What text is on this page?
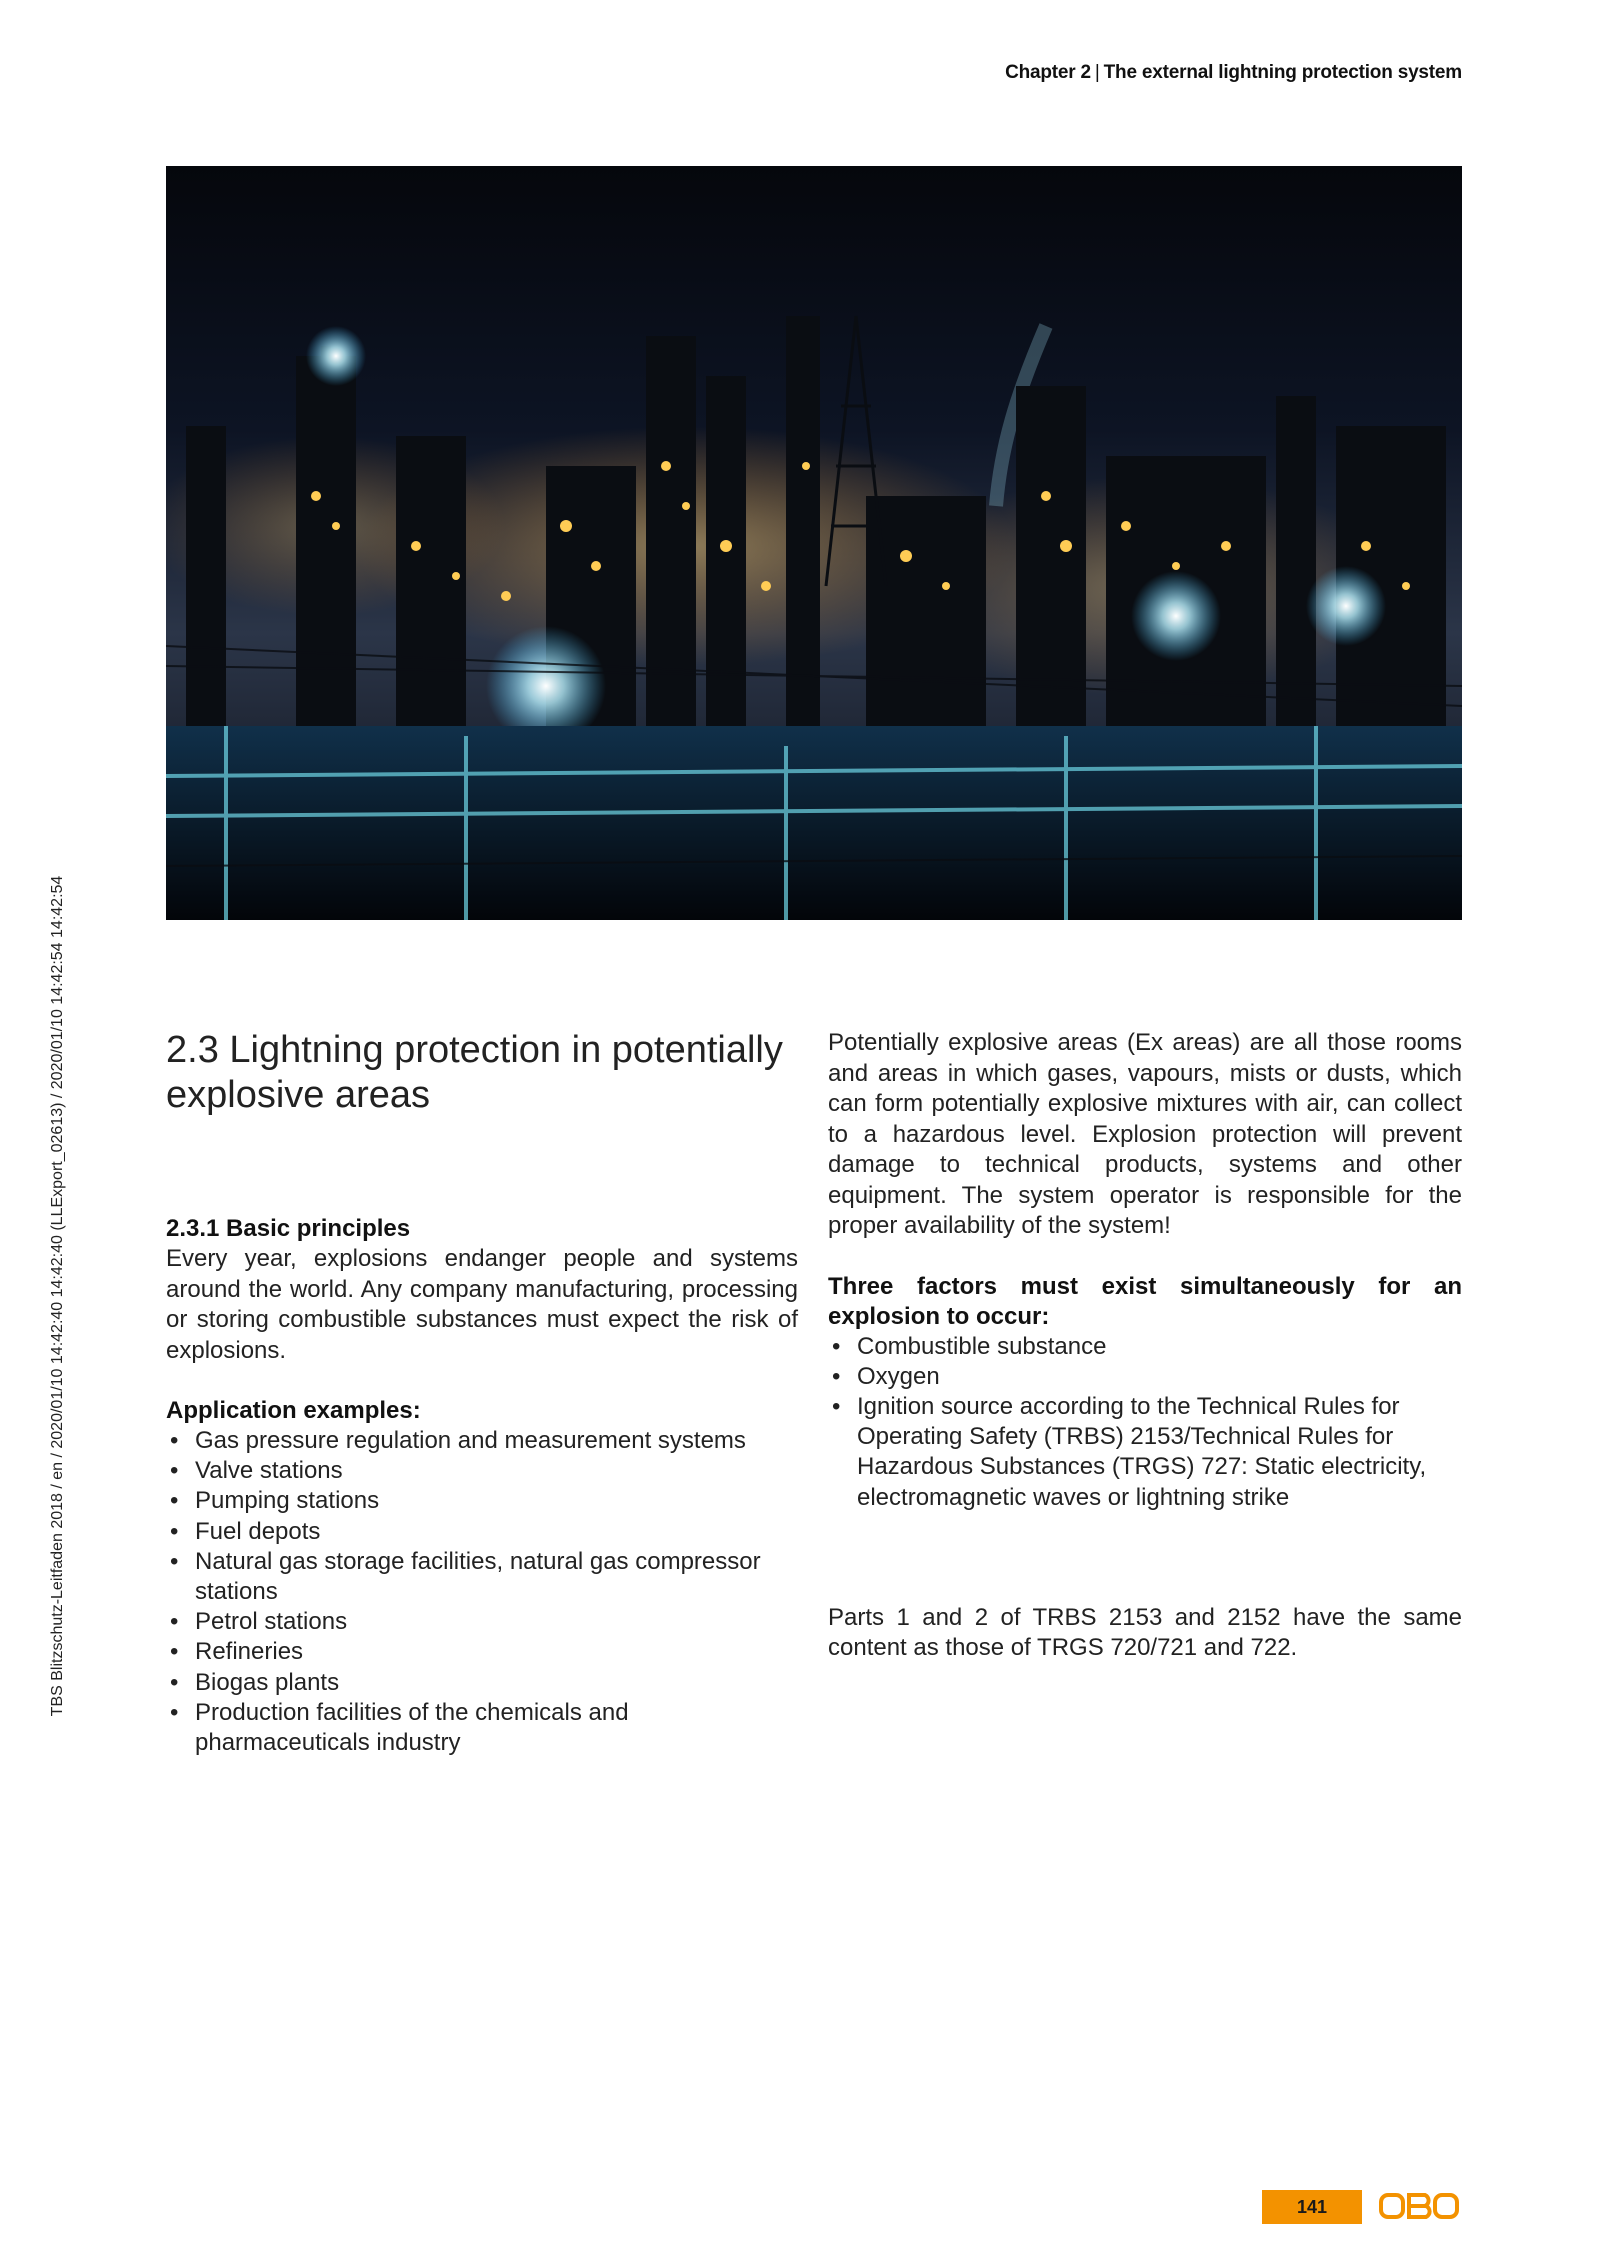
Chapter 2 | The external lightning protection system
TBS Blitzschutz-Leitfaden 2018 / en / 2020/01/10 14:42:40 14:42:40 (LLExport_02613) / 2020/01/10 14:42:54 14:42:54	2.3 Lightning protection in potentially explosive areas
2.3.1 Basic principles

Every year, explosions endanger people and systems around the world. Any company manufacturing, processing or storing combustible substances must expect the risk of explosions.

Application examples:
• Gas pressure regulation and measurement systems
• Valve stations
• Pumping stations
• Fuel depots
• Natural gas storage facilities, natural gas compressor stations
• Petrol stations
• Refineries
• Biogas plants
• Production facilities of the chemicals and pharmaceuticals industry

Potentially explosive areas (Ex areas) are all those rooms and areas in which gases, vapours, mists or dusts, which can form potentially explosive mixtures with air, can collect to a hazardous level. Explosion protection will prevent damage to technical products, systems and other equipment. The system operator is responsible for the proper availability of the system!

Three factors must exist simultaneously for an explosion to occur:
• Combustible substance
• Oxygen
• Ignition source according to the Technical Rules for Operating Safety (TRBS) 2153/Technical Rules for Hazardous Substances (TRGS) 727: Static electricity, electromagnetic waves or lightning strike

Parts 1 and 2 of TRBS 2153 and 2152 have the same content as those of TRGS 720/721 and 722.

141
